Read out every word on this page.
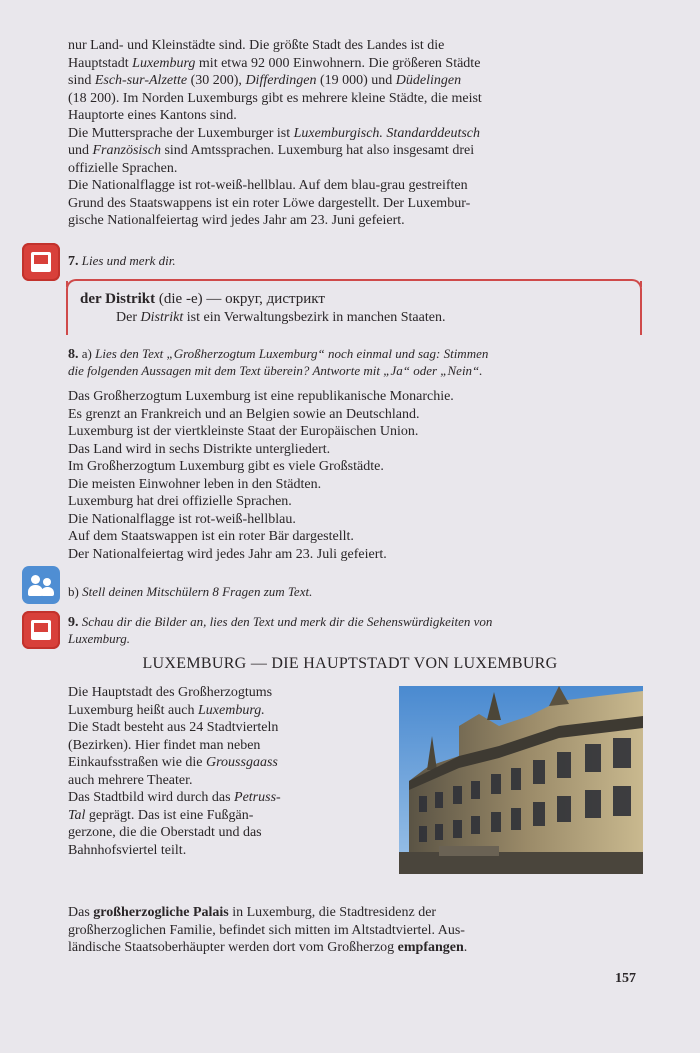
nur Land- und Kleinstädte sind. Die größte Stadt des Landes ist die
Hauptstadt Luxemburg mit etwa 92 000 Einwohnern. Die größeren Städte
sind Esch-sur-Alzette (30 200), Differdingen (19 000) und Düdelingen
(18 200). Im Norden Luxemburgs gibt es mehrere kleine Städte, die meist
Hauptorte eines Kantons sind.
Die Muttersprache der Luxemburger ist Luxemburgisch. Standarddeutsch
und Französisch sind Amtssprachen. Luxemburg hat also insgesamt drei
offizielle Sprachen.
Die Nationalflagge ist rot-weiß-hellblau. Auf dem blau-grau gestreiften
Grund des Staatswappens ist ein roter Löwe dargestellt. Der Luxembur-
gische Nationalfeiertag wird jedes Jahr am 23. Juni gefeiert.
7. Lies und merk dir.
der Distrikt (die -e) — округ, дистрикт
Der Distrikt ist ein Verwaltungsbezirk in manchen Staaten.
8. a) Lies den Text „Großherzogtum Luxemburg“ noch einmal und sag: Stimmen
die folgenden Aussagen mit dem Text überein? Antworte mit „Ja“ oder „Nein“.
Das Großherzogtum Luxemburg ist eine republikanische Monarchie.
Es grenzt an Frankreich und an Belgien sowie an Deutschland.
Luxemburg ist der viertkleinste Staat der Europäischen Union.
Das Land wird in sechs Distrikte untergliedert.
Im Großherzogtum Luxemburg gibt es viele Großstädte.
Die meisten Einwohner leben in den Städten.
Luxemburg hat drei offizielle Sprachen.
Die Nationalflagge ist rot-weiß-hellblau.
Auf dem Staatswappen ist ein roter Bär dargestellt.
Der Nationalfeiertag wird jedes Jahr am 23. Juli gefeiert.
b) Stell deinen Mitschülern 8 Fragen zum Text.
9. Schau dir die Bilder an, lies den Text und merk dir die Sehenswürdigkeiten von
Luxemburg.
LUXEMBURG — DIE HAUPTSTADT VON LUXEMBURG
Die Hauptstadt des Großherzogtums
Luxemburg heißt auch Luxemburg.
Die Stadt besteht aus 24 Stadtvierteln
(Bezirken). Hier findet man neben
Einkaufsstraßen wie die Groussgaass
auch mehrere Theater.
Das Stadtbild wird durch das Petruss-
Tal geprägt. Das ist eine Fußgän-
gerzone, die die Oberstadt und das
Bahnhofsviertel teilt.
Das großherzogliche Palais in Luxemburg, die Stadtresidenz der
großherzoglichen Familie, befindet sich mitten im Altstadtviertel. Aus-
ländische Staatsoberhäupter werden dort vom Großherzog empfangen.
157
